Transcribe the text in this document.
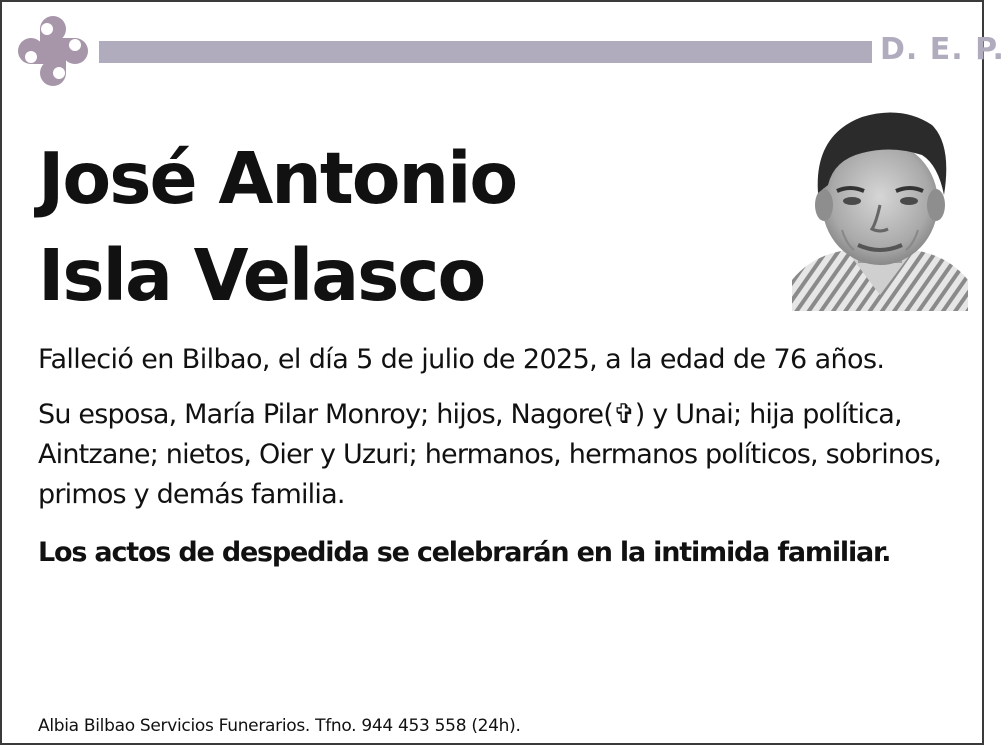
D. E. P.
José Antonio
Isla Velasco
Falleció en Bilbao, el día 5 de julio de 2025, a la edad de 76 años.
Su esposa, María Pilar Monroy; hijos, Nagore(✞) y Unai; hija política, Aintzane; nietos, Oier y Uzuri; hermanos, hermanos políticos, sobrinos, primos y demás familia.
Los actos de despedida se celebrarán en la intimida familiar.
Albia Bilbao Servicios Funerarios. Tfno. 944 453 558 (24h).
